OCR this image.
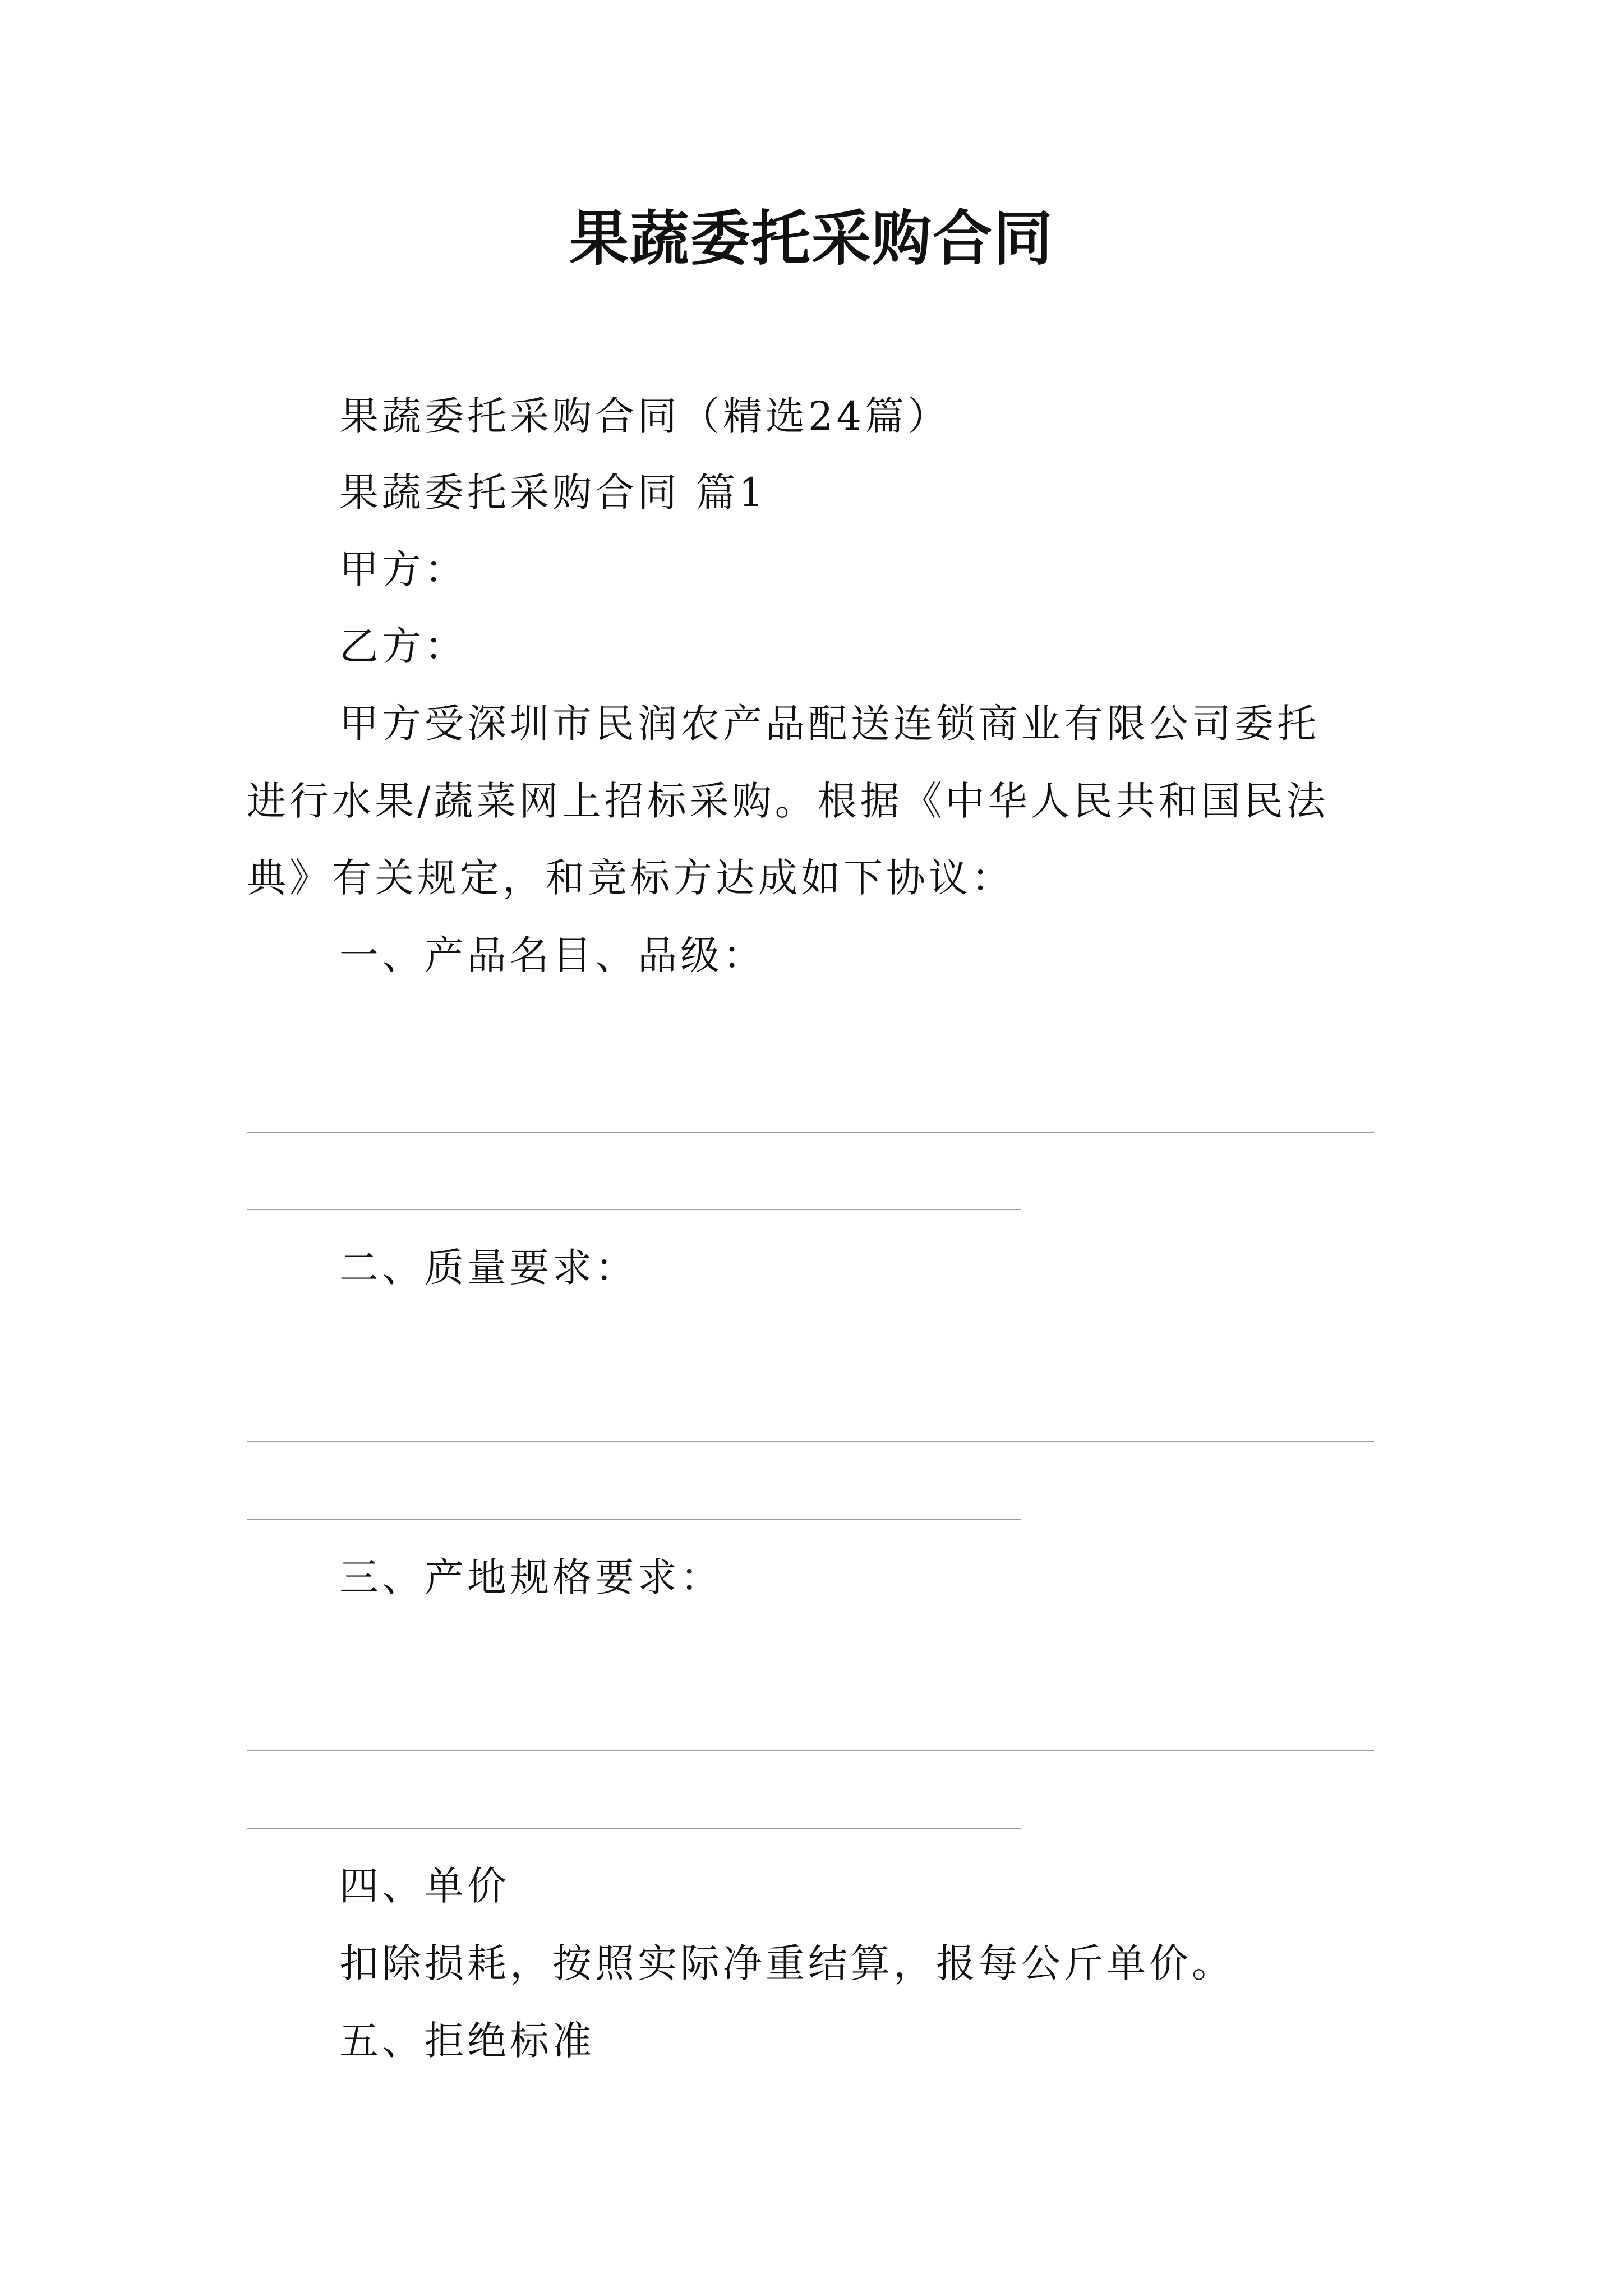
果蔬委托采购合同
果蔬委托采购合同（精选24篇）
果蔬委托采购合同 篇1
甲方：
乙方：
甲方受深圳市民润农产品配送连锁商业有限公司委托
进行水果/蔬菜网上招标采购。根据《中华人民共和国民法
典》有关规定，和竞标方达成如下协议：
一、产品名目、品级：
二、质量要求：
三、产地规格要求：
四、单价
扣除损耗，按照实际净重结算，报每公斤单价。
五、拒绝标准
